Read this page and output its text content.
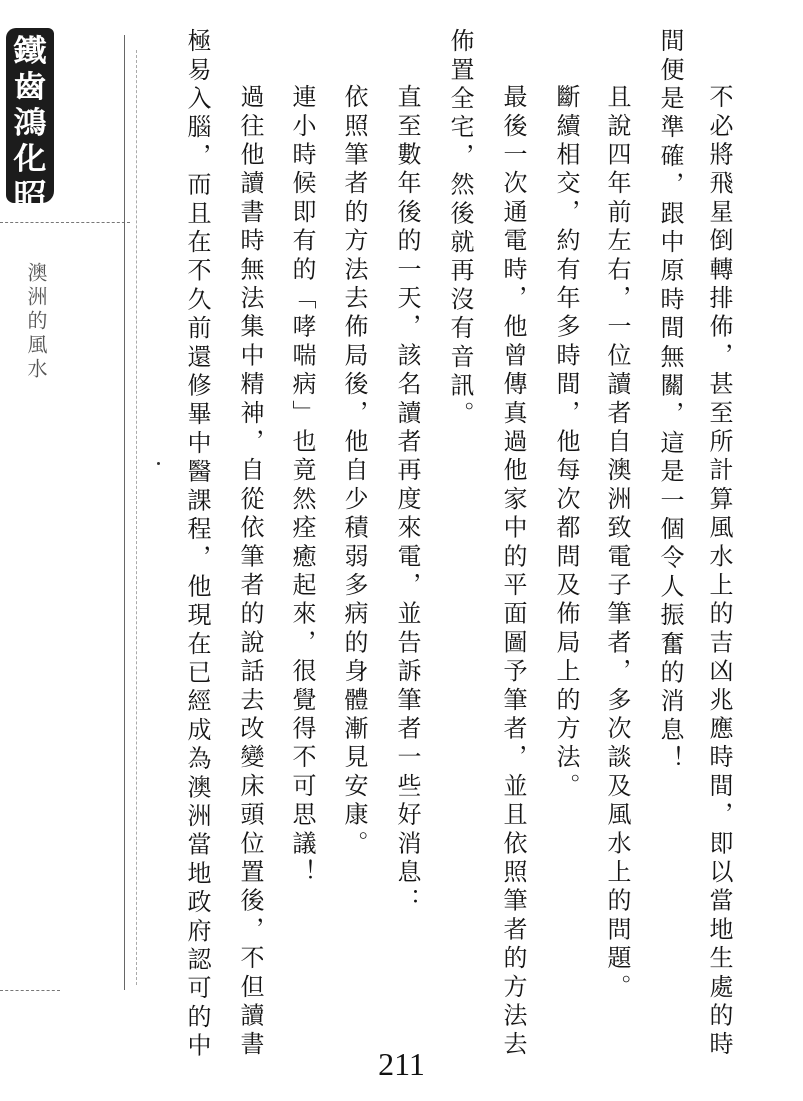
鐵
齒
鴻
化
昭
澳洲的風水	不必將飛星倒轉排佈，甚至所計算風水上的吉凶兆應時間，即以當地生處的時
間便是準確，跟中原時間無關，這是一個令人振奮的消息！
且說四年前左右，一位讀者自澳洲致電子筆者，多次談及風水上的問題。
斷續相交，約有年多時間，他每次都問及佈局上的方法。
最後一次通電時，他曾傳真過他家中的平面圖予筆者，並且依照筆者的方法去
佈置全宅，然後就再沒有音訊。
直至數年後的一天，該名讀者再度來電，並告訴筆者一些好消息：
依照筆者的方法去佈局後，他自少積弱多病的身體漸見安康。
連小時候即有的「哮喘病」也竟然痊癒起來，很覺得不可思議！
過往他讀書時無法集中精神，自從依筆者的說話去改變床頭位置後，不但讀書
極易入腦，而且在不久前還修畢中醫課程，他現在已經成為澳洲當地政府認可的中
211
